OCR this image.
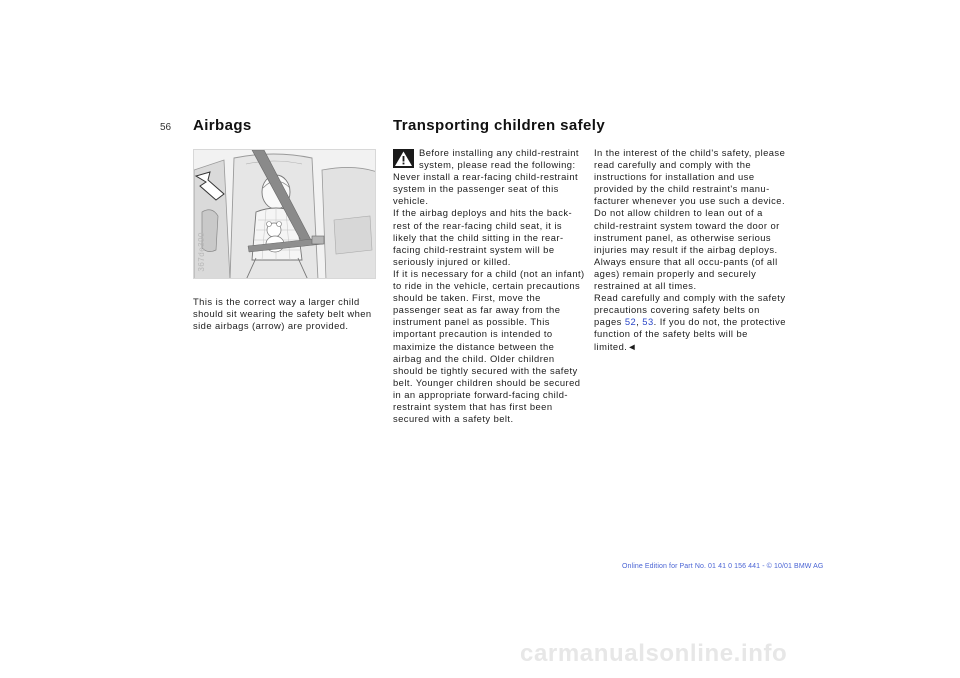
56 Airbags	Transporting children safely
367de390

This is the correct way a larger child should sit wearing the safety belt when side airbags (arrow) are provided.

Before installing any child-restraint system, please read the following:
Never install a rear-facing child-restraint system in the passenger seat of this vehicle.
If the airbag deploys and hits the back-rest of the rear-facing child seat, it is likely that the child sitting in the rear-facing child-restraint system will be seriously injured or killed.
If it is necessary for a child (not an infant) to ride in the vehicle, certain precautions should be taken. First, move the passenger seat as far away from the instrument panel as possible. This important precaution is intended to maximize the distance between the airbag and the child. Older children should be tightly secured with the safety belt. Younger children should be secured in an appropriate forward-facing child-restraint system that has first been secured with a safety belt.
In the interest of the child's safety, please read carefully and comply with the instructions for installation and use provided by the child restraint's manu-facturer whenever you use such a device.
Do not allow children to lean out of a child-restraint system toward the door or instrument panel, as otherwise serious injuries may result if the airbag deploys. Always ensure that all occu-pants (of all ages) remain properly and securely restrained at all times.
Read carefully and comply with the safety precautions covering safety belts on pages 52, 53. If you do not, the protective function of the safety belts will be limited.◄
Online Edition for Part No. 01 41 0 156 441 - © 10/01 BMW AG
carmanualsonline.info
